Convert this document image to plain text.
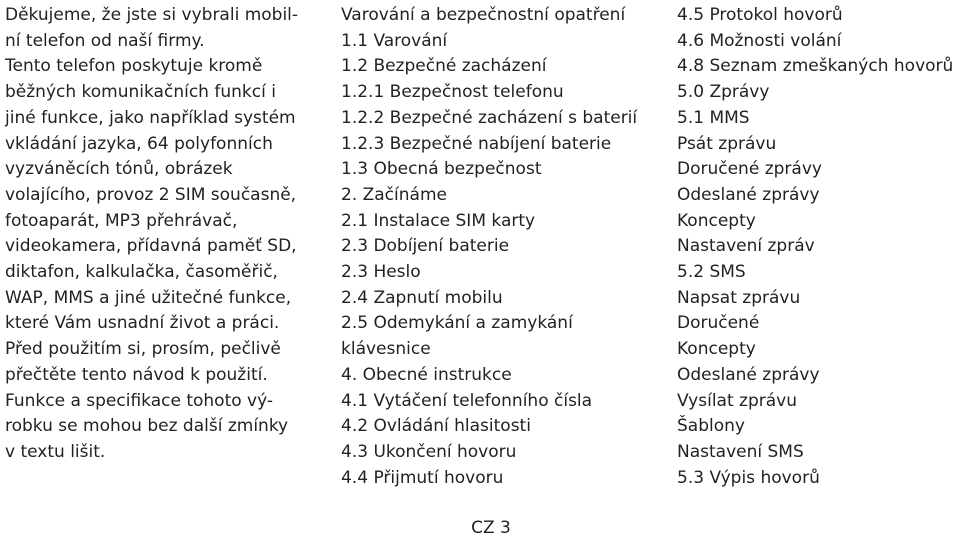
Děkujeme, že jste si vybrali mobil-
ní telefon od naší firmy.
Tento telefon poskytuje kromě
běžných komunikačních funkcí i
jiné funkce, jako například systém
vkládání jazyka, 64 polyfonních
vyzváněcích tónů, obrázek
volajícího, provoz 2 SIM současně,
fotoaparát, MP3 přehrávač,
videokamera, přídavná paměť SD,
diktafon, kalkulačka, časoměřič,
WAP, MMS a jiné užitečné funkce,
které Vám usnadní život a práci.
Před použitím si, prosím, pečlivě
přečtěte tento návod k použití.
Funkce a specifikace tohoto vý-
robku se mohou bez další zmínky
v textu lišit.
Varování a bezpečnostní opatření
1.1 Varování
1.2 Bezpečné zacházení
1.2.1 Bezpečnost telefonu
1.2.2 Bezpečné zacházení s baterií
1.2.3 Bezpečné nabíjení baterie
1.3 Obecná bezpečnost
2. Začínáme
2.1 Instalace SIM karty
2.3 Dobíjení baterie
2.3 Heslo
2.4 Zapnutí mobilu
2.5 Odemykání a zamykání
klávesnice
4. Obecné instrukce
4.1 Vytáčení telefonního čísla
4.2 Ovládání hlasitosti
4.3 Ukončení hovoru
4.4 Přijmutí hovoru
4.5 Protokol hovorů
4.6 Možnosti volání
4.8 Seznam zmeškaných hovorů
5.0 Zprávy
5.1 MMS
Psát zprávu
Doručené zprávy
Odeslané zprávy
Koncepty
Nastavení zpráv
5.2 SMS
Napsat zprávu
Doručené
Koncepty
Odeslané zprávy
Vysílat zprávu
Šablony
Nastavení SMS
5.3 Výpis hovorů
CZ 3
